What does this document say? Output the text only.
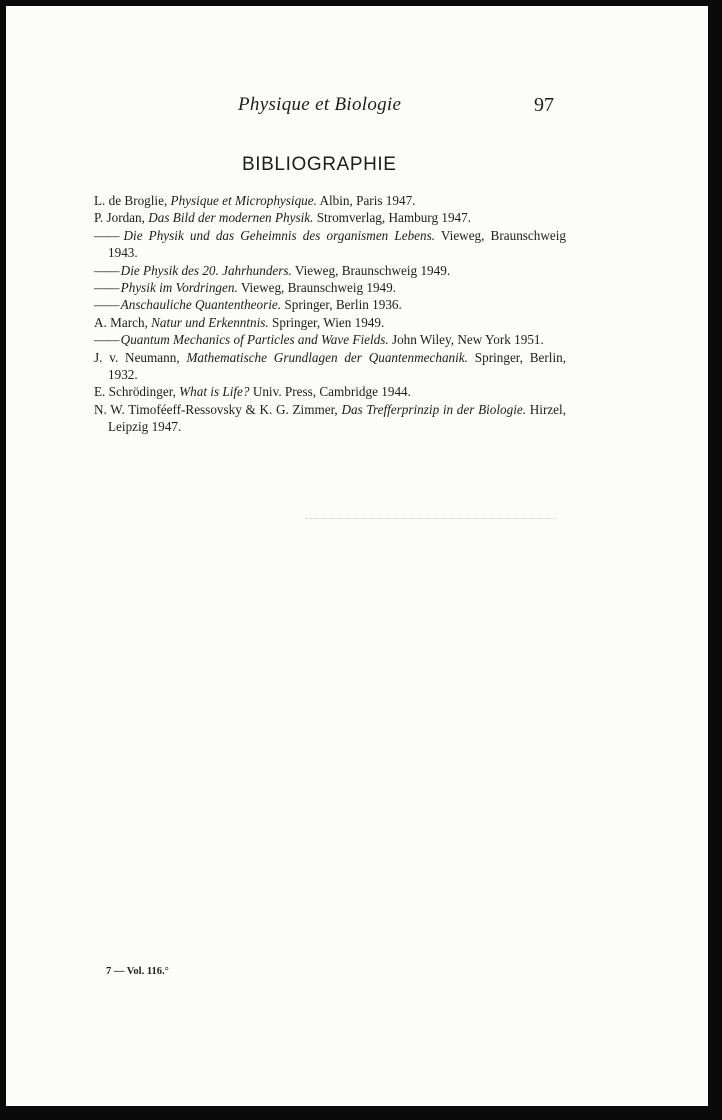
Physique et Biologie	97
BIBLIOGRAPHIE
L. de Broglie, Physique et Microphysique. Albin, Paris 1947.
P. Jordan, Das Bild der modernen Physik. Stromverlag, Hamburg 1947.
—— Die Physik und das Geheimnis des organismen Lebens. Vieweg, Braunschweig 1943.
—— Die Physik des 20. Jahrhunders. Vieweg, Braunschweig 1949.
—— Physik im Vordringen. Vieweg, Braunschweig 1949.
—— Anschauliche Quantentheorie. Springer, Berlin 1936.
A. March, Natur und Erkenntnis. Springer, Wien 1949.
—— Quantum Mechanics of Particles and Wave Fields. John Wiley, New York 1951.
J. v. Neumann, Mathematische Grundlagen der Quantenmechanik. Springer, Berlin, 1932.
E. Schrödinger, What is Life? Univ. Press, Cambridge 1944.
N. W. Timoféeff-Ressovsky & K. G. Zimmer, Das Trefferprinzip in der Biologie. Hirzel, Leipzig 1947.
7 — Vol. 116.°
